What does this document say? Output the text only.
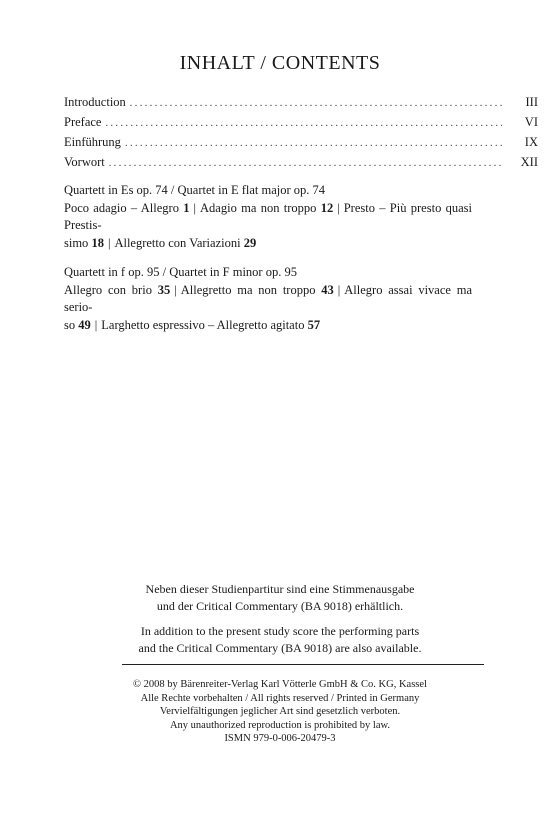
INHALT / CONTENTS
Introduction . . .	III
Preface . . .	VI
Einführung . . .	IX
Vorwort . . .	XII
Quartett in Es op. 74 / Quartet in E flat major op. 74
Poco adagio – Allegro 1 | Adagio ma non troppo 12 | Presto – Più presto quasi Prestis-
simo 18 | Allegretto con Variazioni 29
Quartett in f op. 95 / Quartet in F minor op. 95
Allegro con brio 35 | Allegretto ma non troppo 43 | Allegro assai vivace ma serio-
so 49 | Larghetto espressivo – Allegretto agitato 57

Neben dieser Studienpartitur sind eine Stimmenausgabe
und der Critical Commentary (BA 9018) erhältlich.

In addition to the present study score the performing parts
and the Critical Commentary (BA 9018) are also available.

© 2008 by Bärenreiter-Verlag Karl Vötterle GmbH & Co. KG, Kassel
Alle Rechte vorbehalten / All rights reserved / Printed in Germany
Vervielfältigungen jeglicher Art sind gesetzlich verboten.
Any unauthorized reproduction is prohibited by law.
ISMN 979-0-006-20479-3
